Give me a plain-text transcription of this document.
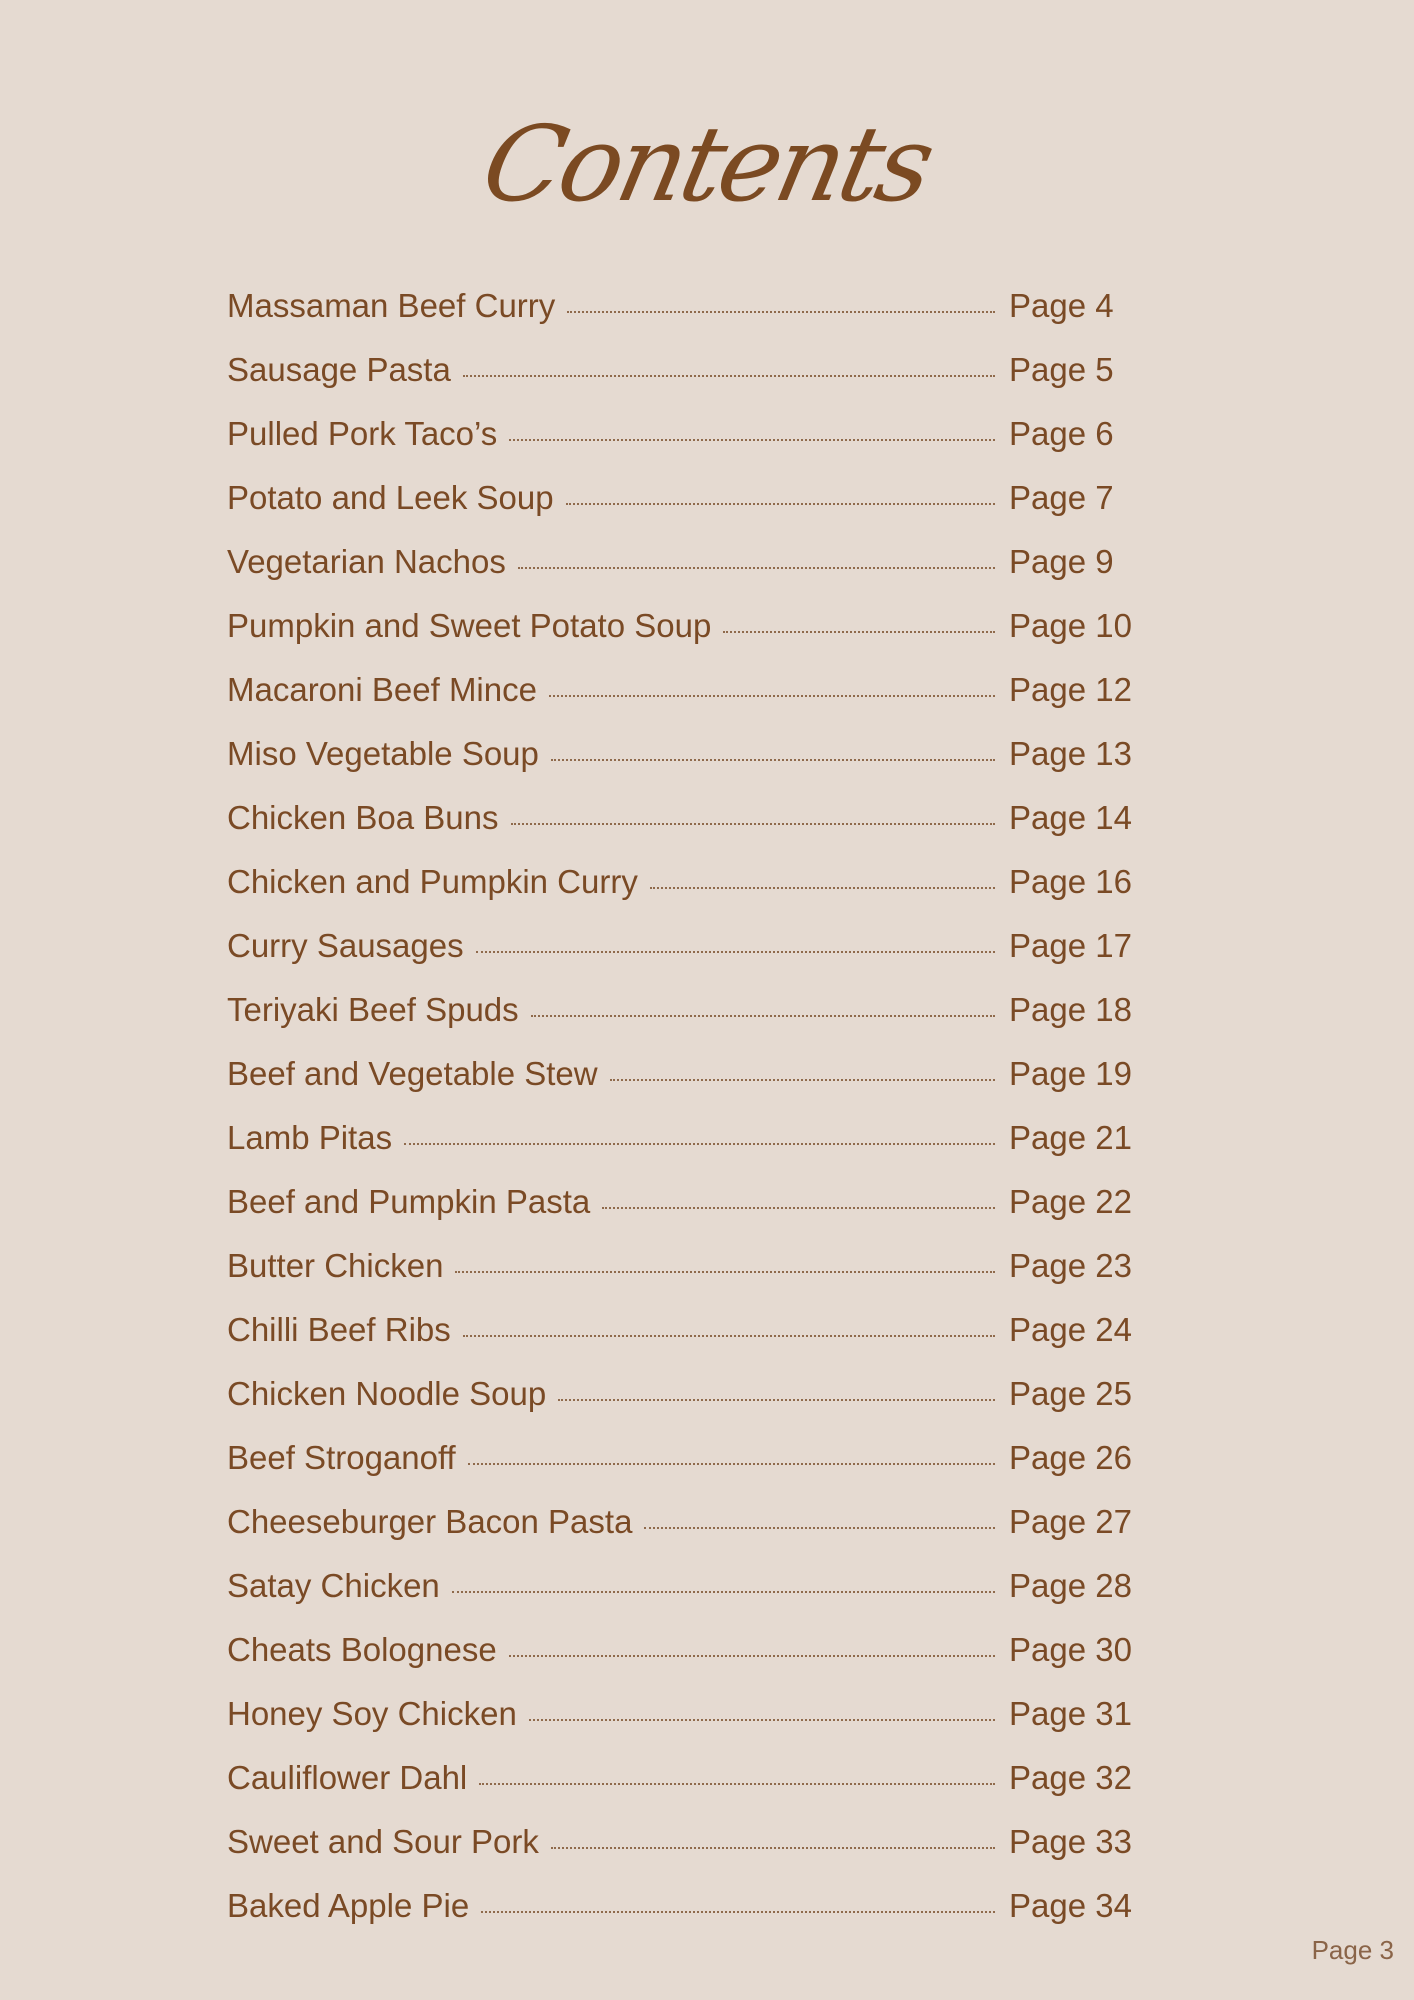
Contents
Massaman Beef Curry	Page 4
Sausage Pasta	Page 5
Pulled Pork Taco’s	Page 6
Potato and Leek Soup	Page 7
Vegetarian Nachos	Page 9
Pumpkin and Sweet Potato Soup	Page 10
Macaroni Beef Mince	Page 12
Miso Vegetable Soup	Page 13
Chicken Boa Buns	Page 14
Chicken and Pumpkin Curry	Page 16
Curry Sausages	Page 17
Teriyaki Beef Spuds	Page 18
Beef and Vegetable Stew	Page 19
Lamb Pitas	Page 21
Beef and Pumpkin Pasta	Page 22
Butter Chicken	Page 23
Chilli Beef Ribs	Page 24
Chicken Noodle Soup	Page 25
Beef Stroganoff	Page 26
Cheeseburger Bacon Pasta	Page 27
Satay Chicken	Page 28
Cheats Bolognese	Page 30
Honey Soy Chicken	Page 31
Cauliflower Dahl	Page 32
Sweet and Sour Pork	Page 33
Baked Apple Pie	Page 34
Page 3
